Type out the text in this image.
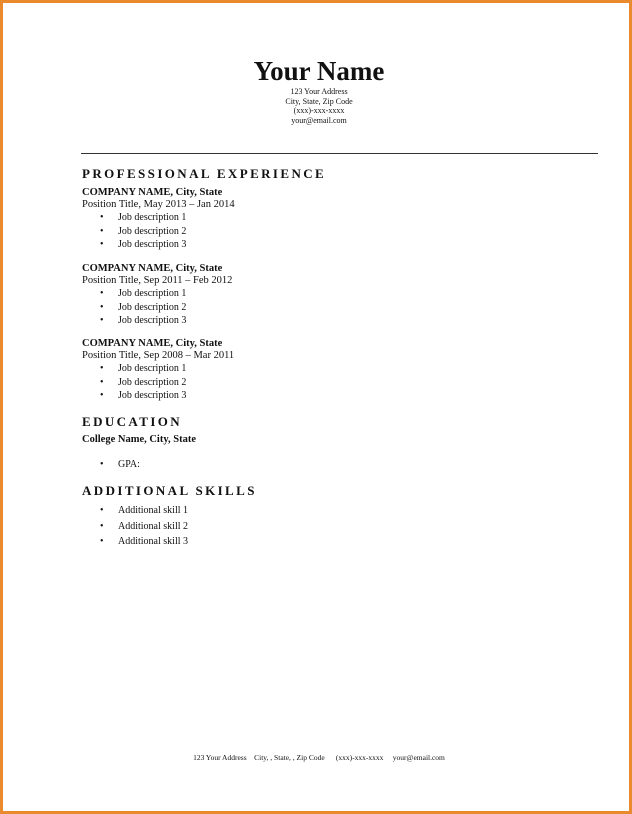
Your Name
123 Your Address
City, State, Zip Code
(xxx)-xxx-xxxx
your@email.com
PROFESSIONAL EXPERIENCE
COMPANY NAME, City, State
Position Title, May 2013 – Jan 2014
• Job description 1
• Job description 2
• Job description 3
COMPANY NAME, City, State
Position Title, Sep 2011 – Feb 2012
• Job description 1
• Job description 2
• Job description 3
COMPANY NAME, City, State
Position Title, Sep 2008 – Mar 2011
• Job description 1
• Job description 2
• Job description 3
EDUCATION
College Name, City, State
• GPA:
ADDITIONAL SKILLS
• Additional skill 1
• Additional skill 2
• Additional skill 3
123 Your Address    City, , State, , Zip Code      (xxx)-xxx-xxxx     your@email.com
